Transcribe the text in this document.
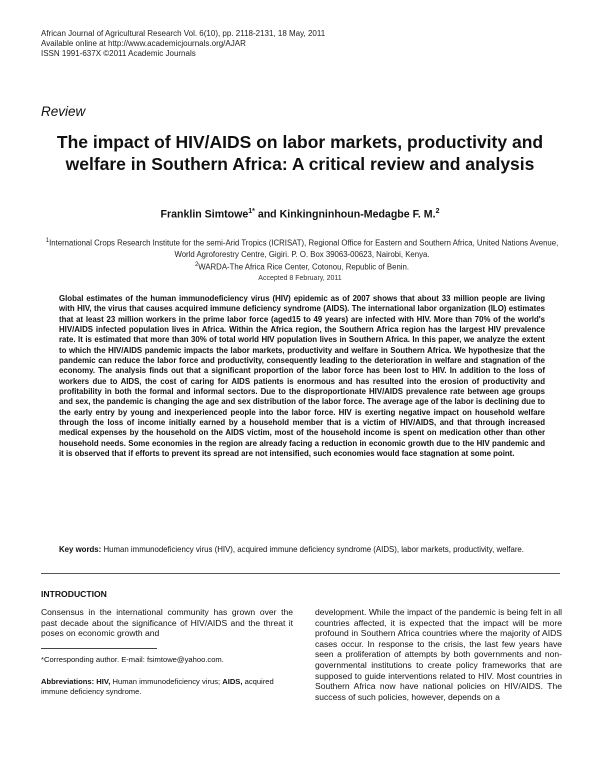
African Journal of Agricultural Research Vol. 6(10), pp. 2118-2131, 18 May, 2011
Available online at http://www.academicjournals.org/AJAR
ISSN 1991-637X ©2011 Academic Journals
Review
The impact of HIV/AIDS on labor markets, productivity and welfare in Southern Africa: A critical review and analysis
Franklin Simtowe$^{1*}$ and Kinkingninhoun-Medagbe F. M.$^2$
$^1$International Crops Research Institute for the semi-Arid Tropics (ICRISAT), Regional Office for Eastern and Southern Africa, United Nations Avenue, World Agroforestry Centre, Gigiri. P. O. Box 39063-00623, Nairobi, Kenya.
$^2$WARDA-The Africa Rice Center, Cotonou, Republic of Benin.
Accepted 8 February, 2011
Global estimates of the human immunodeficiency virus (HIV) epidemic as of 2007 shows that about 33 million people are living with HIV, the virus that causes acquired immune deficiency syndrome (AIDS). The international labor organization (ILO) estimates that at least 23 million workers in the prime labor force (aged15 to 49 years) are infected with HIV. More than 70% of the world's HIV/AIDS infected population lives in Africa. Within the Africa region, the Southern Africa region has the largest HIV prevalence rate. It is estimated that more than 30% of total world HIV population lives in Southern Africa. In this paper, we analyze the extent to which the HIV/AIDS pandemic impacts the labor markets, productivity and welfare in Southern Africa. We hypothesize that the pandemic can reduce the labor force and productivity, consequently leading to the deterioration in welfare and stagnation of the economy. The analysis finds out that a significant proportion of the labor force has been lost to HIV. In addition to the loss of workers due to AIDS, the cost of caring for AIDS patients is enormous and has resulted into the erosion of productivity and profitability in both the formal and informal sectors. Due to the disproportionate HIV/AIDS prevalence rate between age groups and sex, the pandemic is changing the age and sex distribution of the labor force. The average age of the labor is declining due to the early entry by young and inexperienced people into the labor force. HIV is exerting negative impact on household welfare through the loss of income initially earned by a household member that is a victim of HIV/AIDS, and that through increased medical expenses by the household on the AIDS victim, most of the household income is spent on medication other than other household needs. Some economies in the region are already facing a reduction in economic growth due to the HIV pandemic and it is observed that if efforts to prevent its spread are not intensified, such economies would face stagnation at some point.
Key words: Human immunodeficiency virus (HIV), acquired immune deficiency syndrome (AIDS), labor markets, productivity, welfare.
INTRODUCTION
Consensus in the international community has grown over the past decade about the significance of HIV/AIDS and the threat it poses on economic growth and
*Corresponding author. E-mail: fsimtowe@yahoo.com.
Abbreviations: HIV, Human immunodeficiency virus; AIDS, acquired immune deficiency syndrome.
development. While the impact of the pandemic is being felt in all countries affected, it is expected that the impact will be more profound in Southern Africa countries where the majority of AIDS cases occur. In response to the crisis, the last few years have seen a proliferation of attempts by both governments and non-governmental institutions to create policy frameworks that are supposed to guide interventions related to HIV. Most countries in Southern Africa now have national policies on HIV/AIDS. The success of such policies, however, depends on a
